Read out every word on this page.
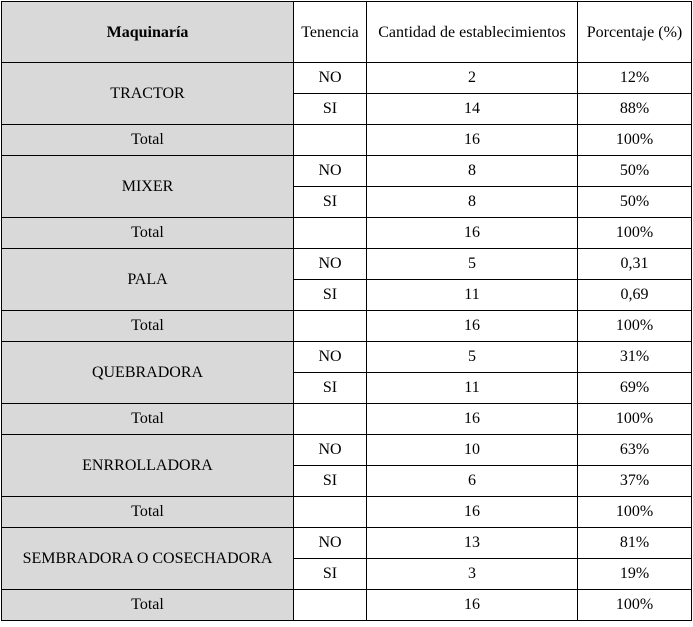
Maquinaría	Tenencia	Cantidad de establecimientos	Porcentaje (%)
TRACTOR	NO	2	12%
	SI	14	88%
Total		16	100%
MIXER	NO	8	50%
	SI	8	50%
Total		16	100%
PALA	NO	5	0,31
	SI	11	0,69
Total		16	100%
QUEBRADORA	NO	5	31%
	SI	11	69%
Total		16	100%
ENRROLLADORA	NO	10	63%
	SI	6	37%
Total		16	100%
SEMBRADORA O COSECHADORA	NO	13	81%
	SI	3	19%
Total		16	100%
